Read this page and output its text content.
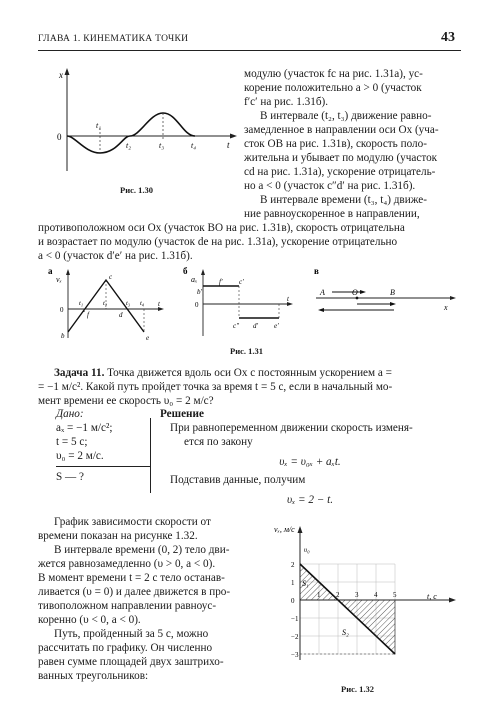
ГЛАВА 1. КИНЕМАТИКА ТОЧКИ	43
x
0
t
t₁
t₂	t₃	t₄
Рис. 1.30
модулю (участок fc на рис. 1.31а), ус-
корение положительно a > 0 (участок
f′c′ на рис. 1.31б).
В интервале (t₂, t₃) движение равно-
замедленное в направлении оси Ox (уча-
сток OB на рис. 1.31в), скорость поло-
жительна и убывает по модулю (участок
cd на рис. 1.31а), ускорение отрицатель-
но a < 0 (участок c″d′ на рис. 1.31б).
В интервале времени (t₃, t₄) движе-
ние равноускоренное в направлении,
противоположном оси Ox (участок BO на рис. 1.31в), скорость отрицательна
и возрастает по модулю (участок de на рис. 1.31а), ускорение отрицательно
a < 0 (участок d′e′ на рис. 1.31б).
а
vₓ
0
b
c
e
f	d
t₁	t₂	t₃ t₄ t
б
aₓ
0
b′
f′ c′
c″ d′ e′
t
в
A	O	B
x
Рис. 1.31
Задача 11. Точка движется вдоль оси Ox с постоянным ускорением a =
= −1 м/с². Какой путь пройдет точка за время t = 5 с, если в начальный мо-
мент времени ее скорость υ₀ = 2 м/с?
Дано:
aₓ = −1 м/с²;
t = 5 с;
υ₀ = 2 м/с.
S — ?
Решение
При равнопеременном движении скорость изменя-
ется по закону
υₓ = υ₀ₓ + aₓt.
Подставив данные, получим
υₓ = 2 − t.
График зависимости скорости от
времени показан на рисунке 1.32.
В интервале времени (0, 2) тело дви-
жется равнозамедленно (υ > 0, a < 0).
В момент времени t = 2 с тело останав-
ливается (υ = 0) и далее движется в про-
тивоположном направлении равноус-
коренно (υ < 0, a < 0).
Путь, пройденный за 5 с, можно
рассчитать по графику. Он численно
равен сумме площадей двух заштрихо-
ванных треугольников:
2
1
0
−1
−2
−3
1 2 3 4 5
vₓ, м/с
t, с
υ₀
S₁
S₂
Рис. 1.32
